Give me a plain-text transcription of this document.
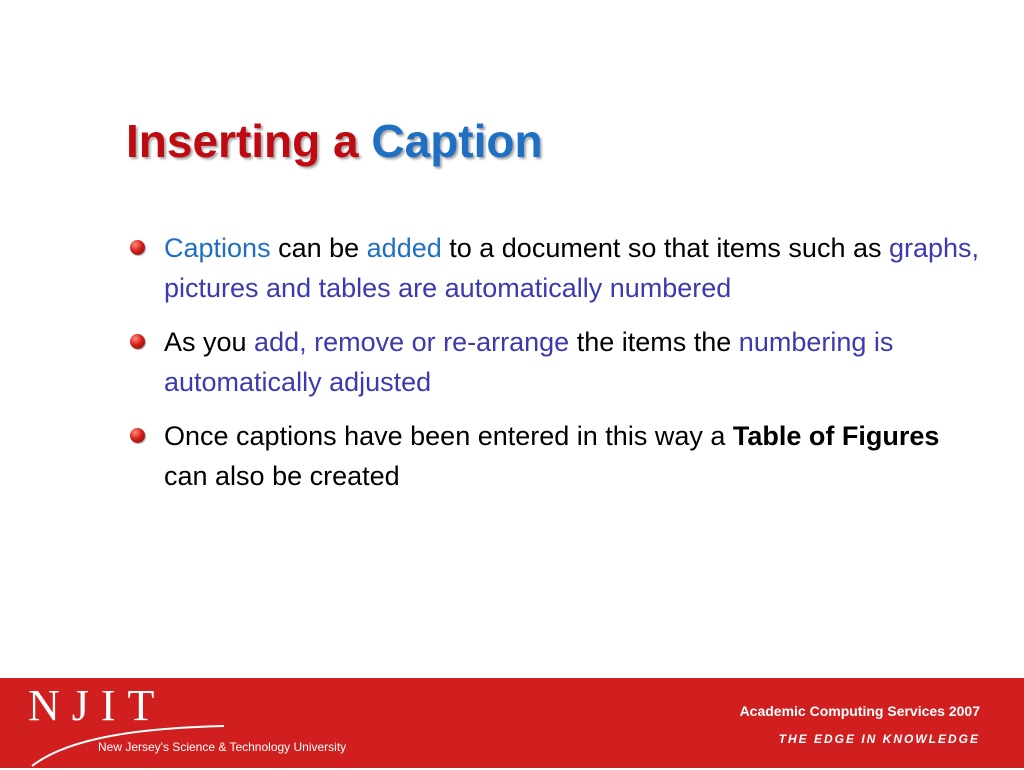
Inserting a Caption
Captions can be added to a document so that items such as graphs, pictures and tables are automatically numbered
As you add, remove or re-arrange the items the numbering is automatically adjusted
Once captions have been entered in this way a Table of Figures can also be created
NJIT
New Jersey's Science & Technology University
Academic Computing Services 2007
THE EDGE IN KNOWLEDGE
